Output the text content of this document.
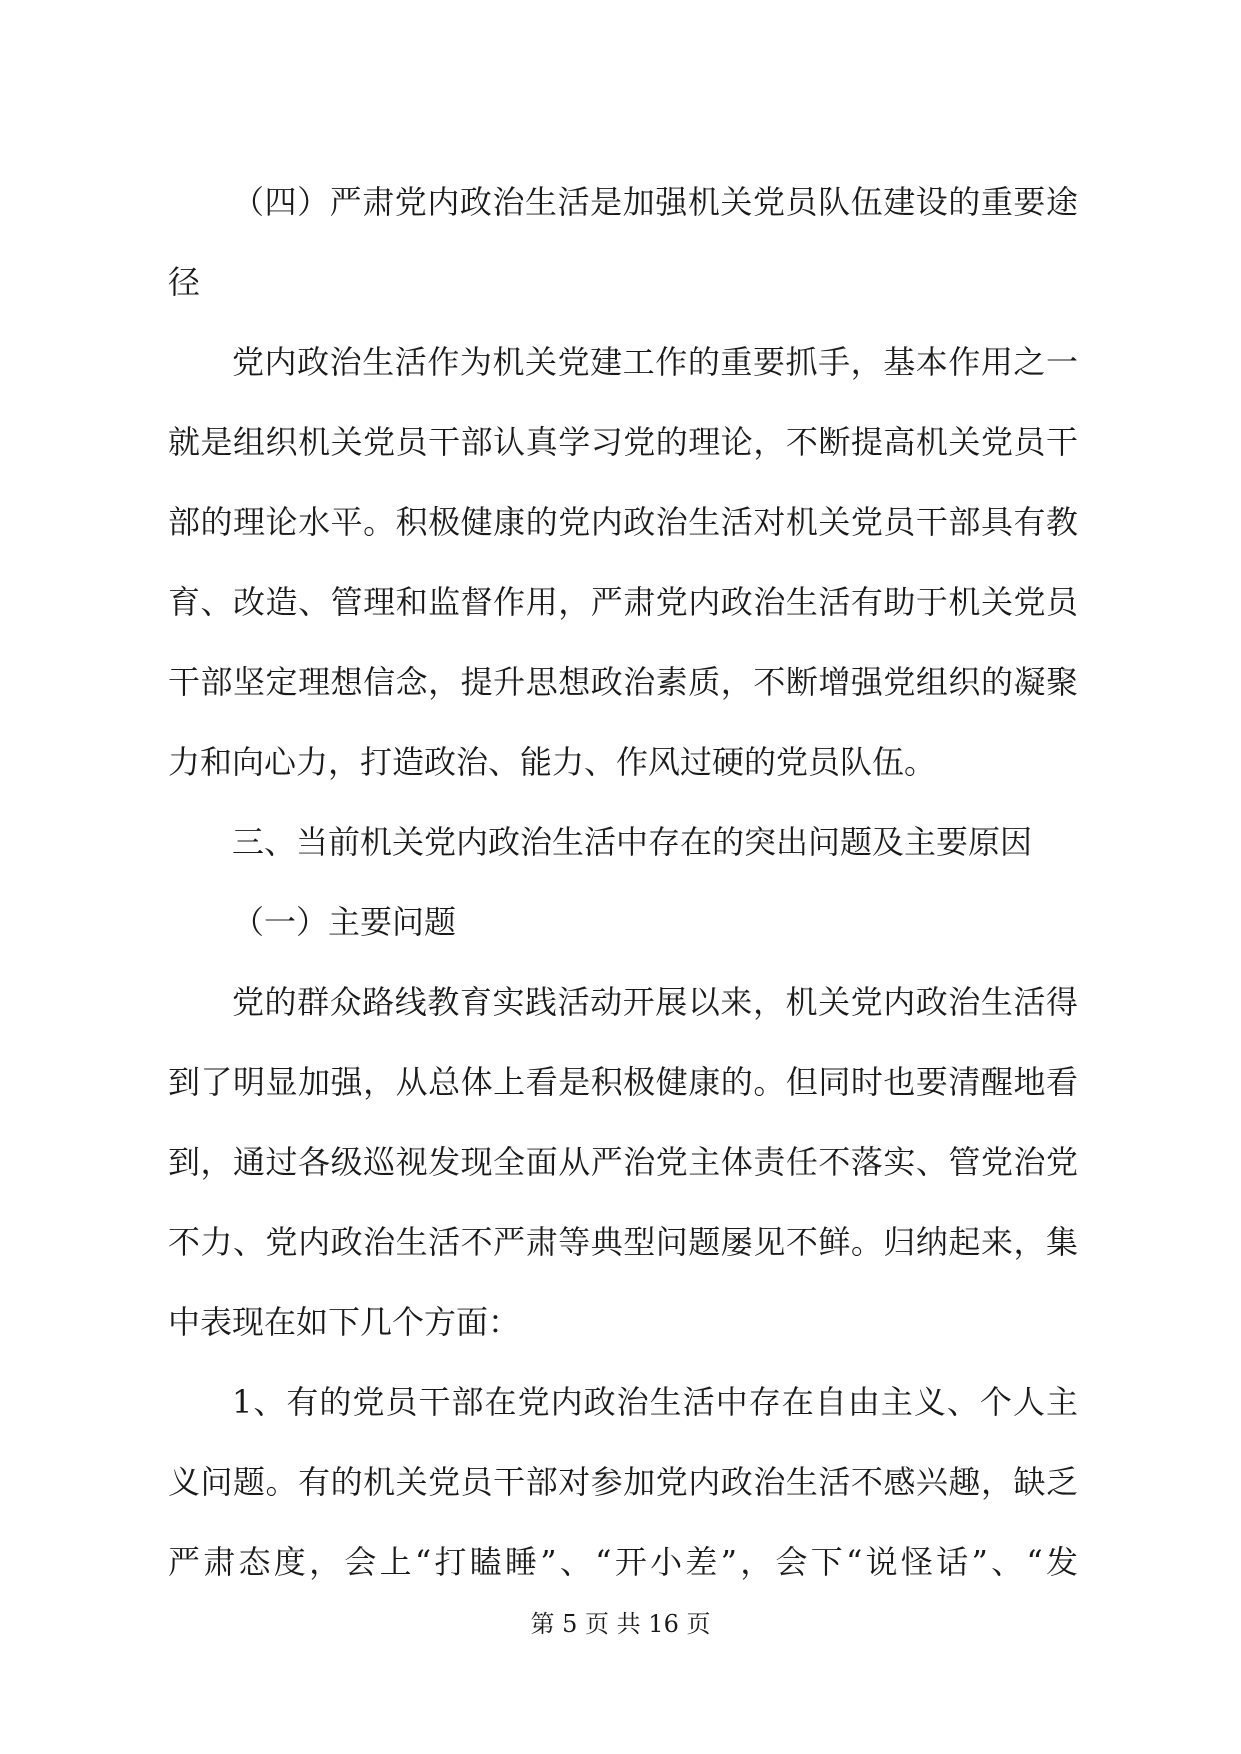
（四）严肃党内政治生活是加强机关党员队伍建设的重要途
径
党内政治生活作为机关党建工作的重要抓手，基本作用之一
就是组织机关党员干部认真学习党的理论，不断提高机关党员干
部的理论水平。积极健康的党内政治生活对机关党员干部具有教
育、改造、管理和监督作用，严肃党内政治生活有助于机关党员
干部坚定理想信念，提升思想政治素质，不断增强党组织的凝聚
力和向心力，打造政治、能力、作风过硬的党员队伍。
三、当前机关党内政治生活中存在的突出问题及主要原因
（一）主要问题
党的群众路线教育实践活动开展以来，机关党内政治生活得
到了明显加强，从总体上看是积极健康的。但同时也要清醒地看
到，通过各级巡视发现全面从严治党主体责任不落实、管党治党
不力、党内政治生活不严肃等典型问题屡见不鲜。归纳起来，集
中表现在如下几个方面：
1、有的党员干部在党内政治生活中存在自由主义、个人主
义问题。有的机关党员干部对参加党内政治生活不感兴趣，缺乏
严肃态度，会上“打瞌睡”、“开小差”，会下“说怪话”、“发
第 5 页 共 16 页
